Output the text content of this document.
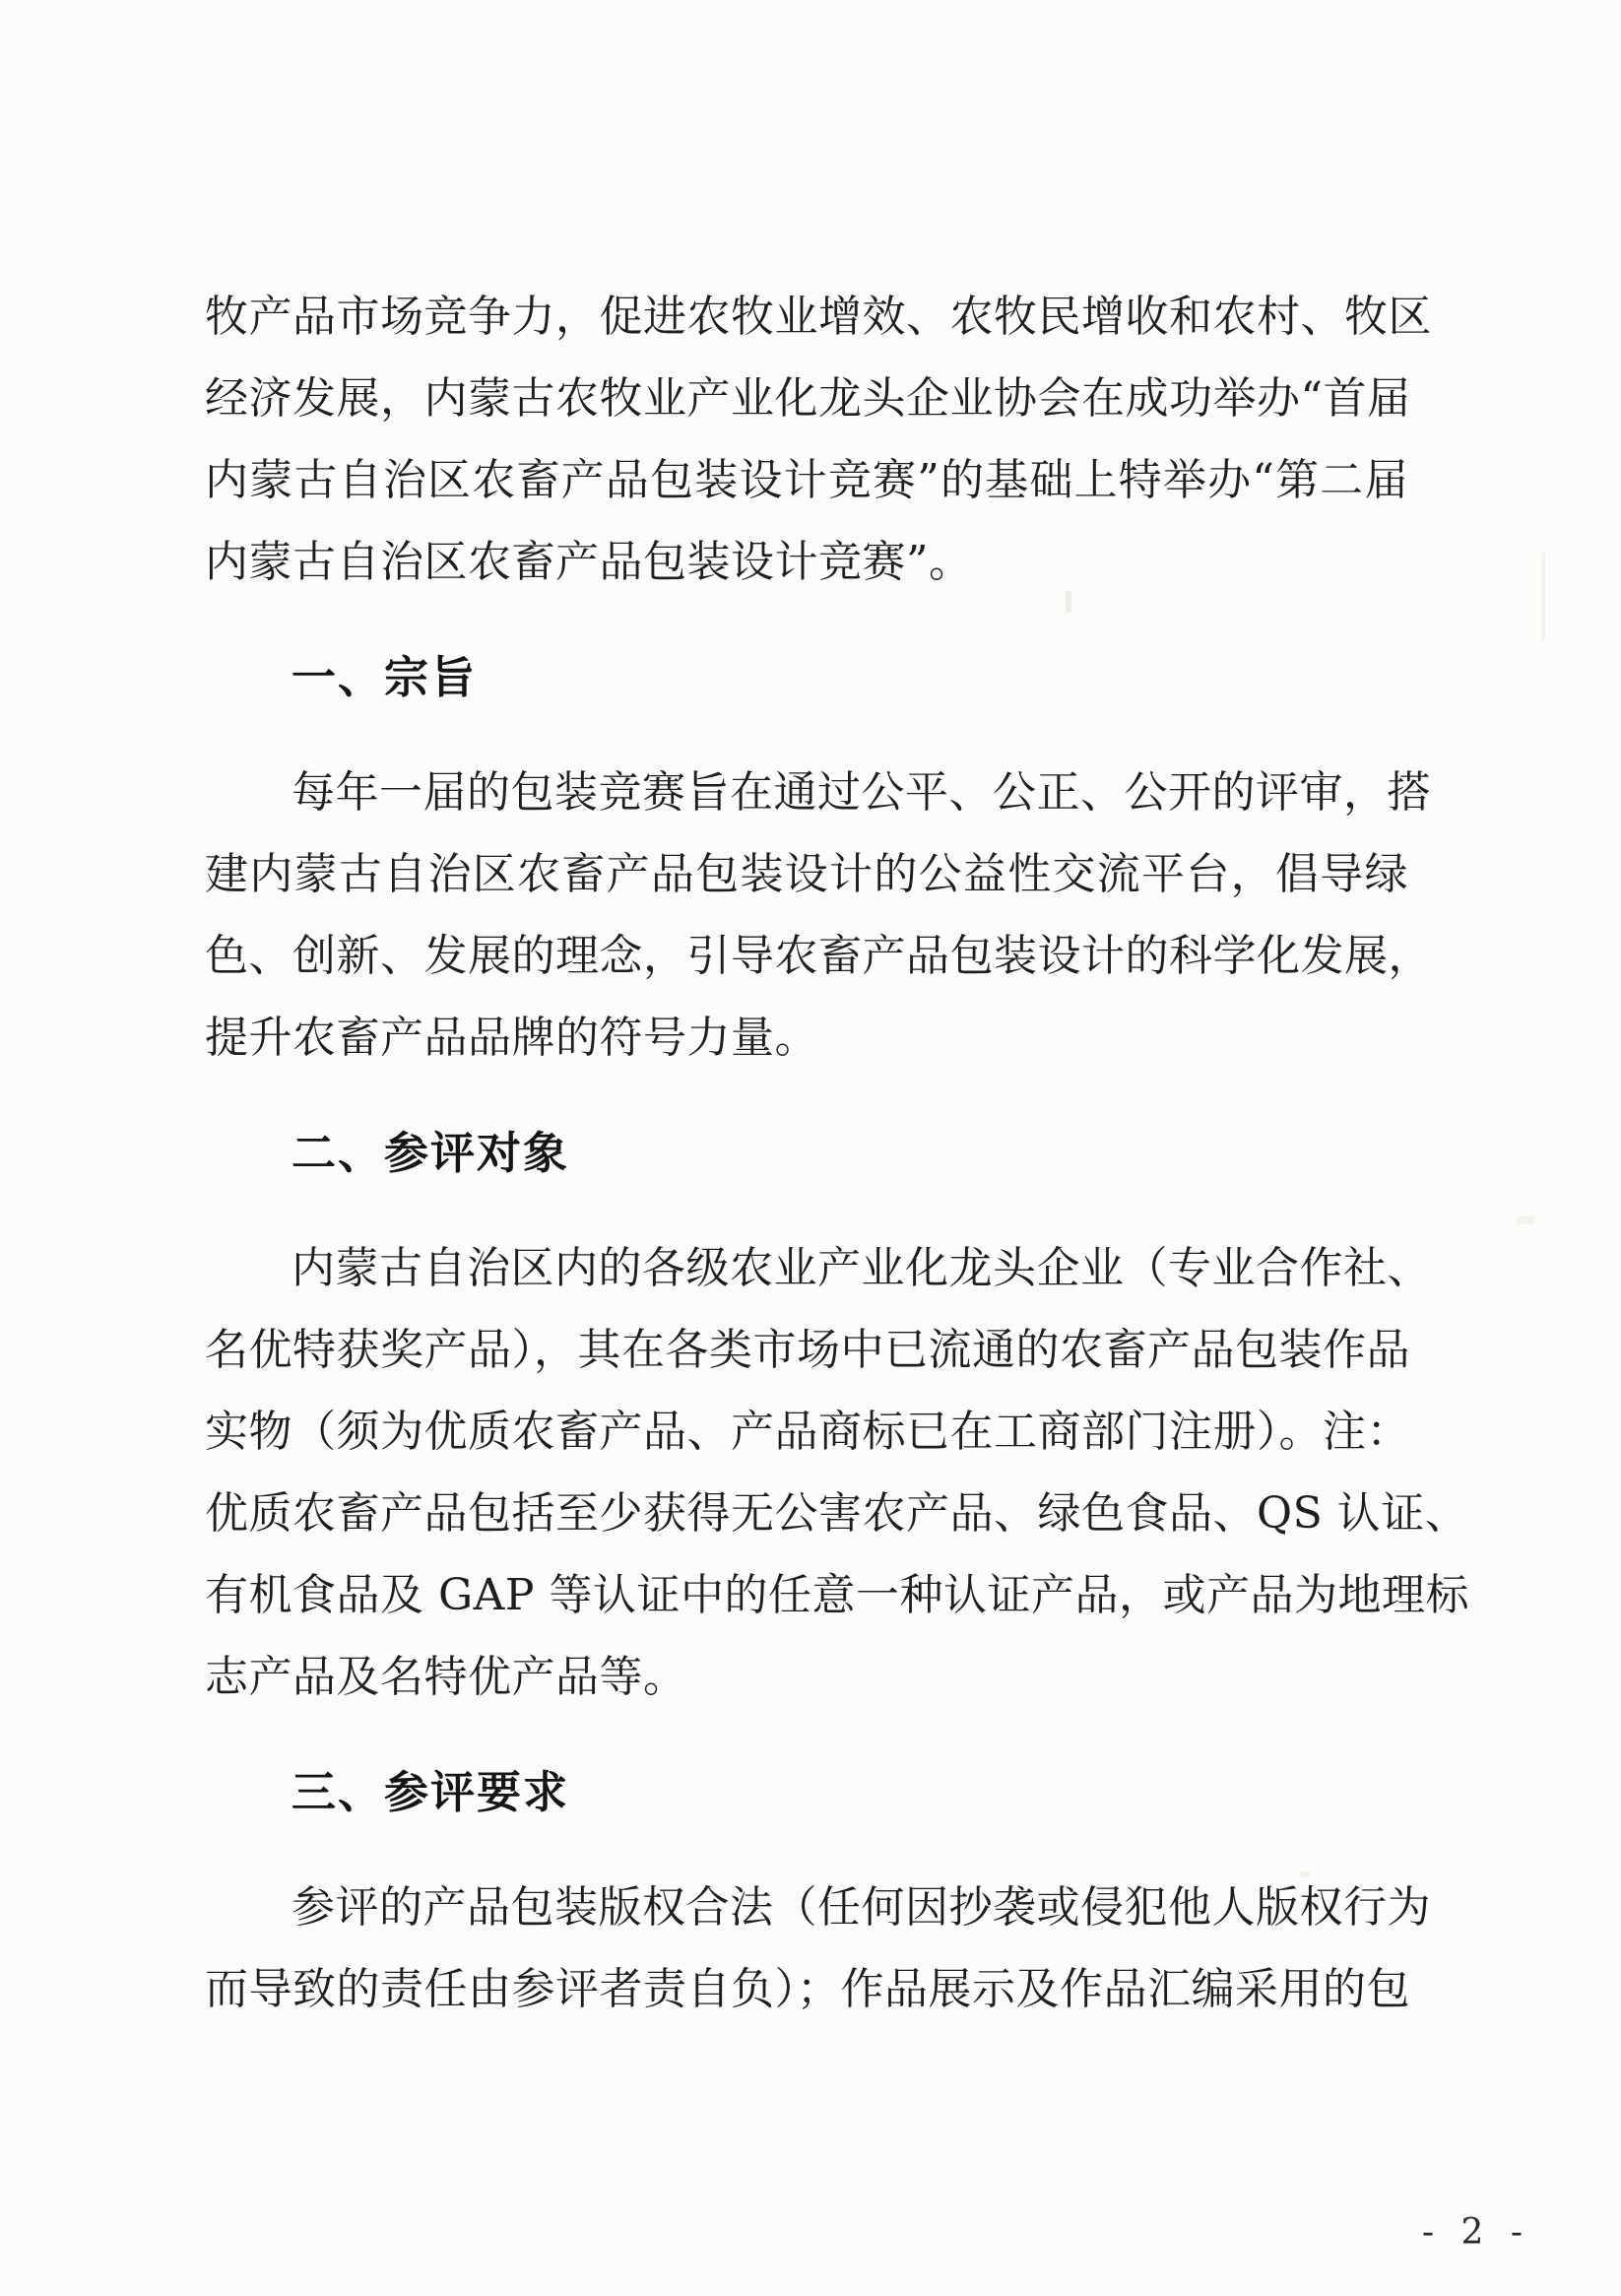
牧产品市场竞争力，促进农牧业增效、农牧民增收和农村、牧区
经济发展，内蒙古农牧业产业化龙头企业协会在成功举办“首届
内蒙古自治区农畜产品包装设计竞赛”的基础上特举办“第二届
内蒙古自治区农畜产品包装设计竞赛”。
一、宗旨
每年一届的包装竞赛旨在通过公平、公正、公开的评审，搭
建内蒙古自治区农畜产品包装设计的公益性交流平台，倡导绿
色、创新、发展的理念，引导农畜产品包装设计的科学化发展，
提升农畜产品品牌的符号力量。
二、参评对象
内蒙古自治区内的各级农业产业化龙头企业（专业合作社、
名优特获奖产品），其在各类市场中已流通的农畜产品包装作品
实物（须为优质农畜产品、产品商标已在工商部门注册）。注：
优质农畜产品包括至少获得无公害农产品、绿色食品、QS 认证、
有机食品及 GAP 等认证中的任意一种认证产品，或产品为地理标
志产品及名特优产品等。
三、参评要求
参评的产品包装版权合法（任何因抄袭或侵犯他人版权行为
而导致的责任由参评者责自负）；作品展示及作品汇编采用的包
- 2 -
